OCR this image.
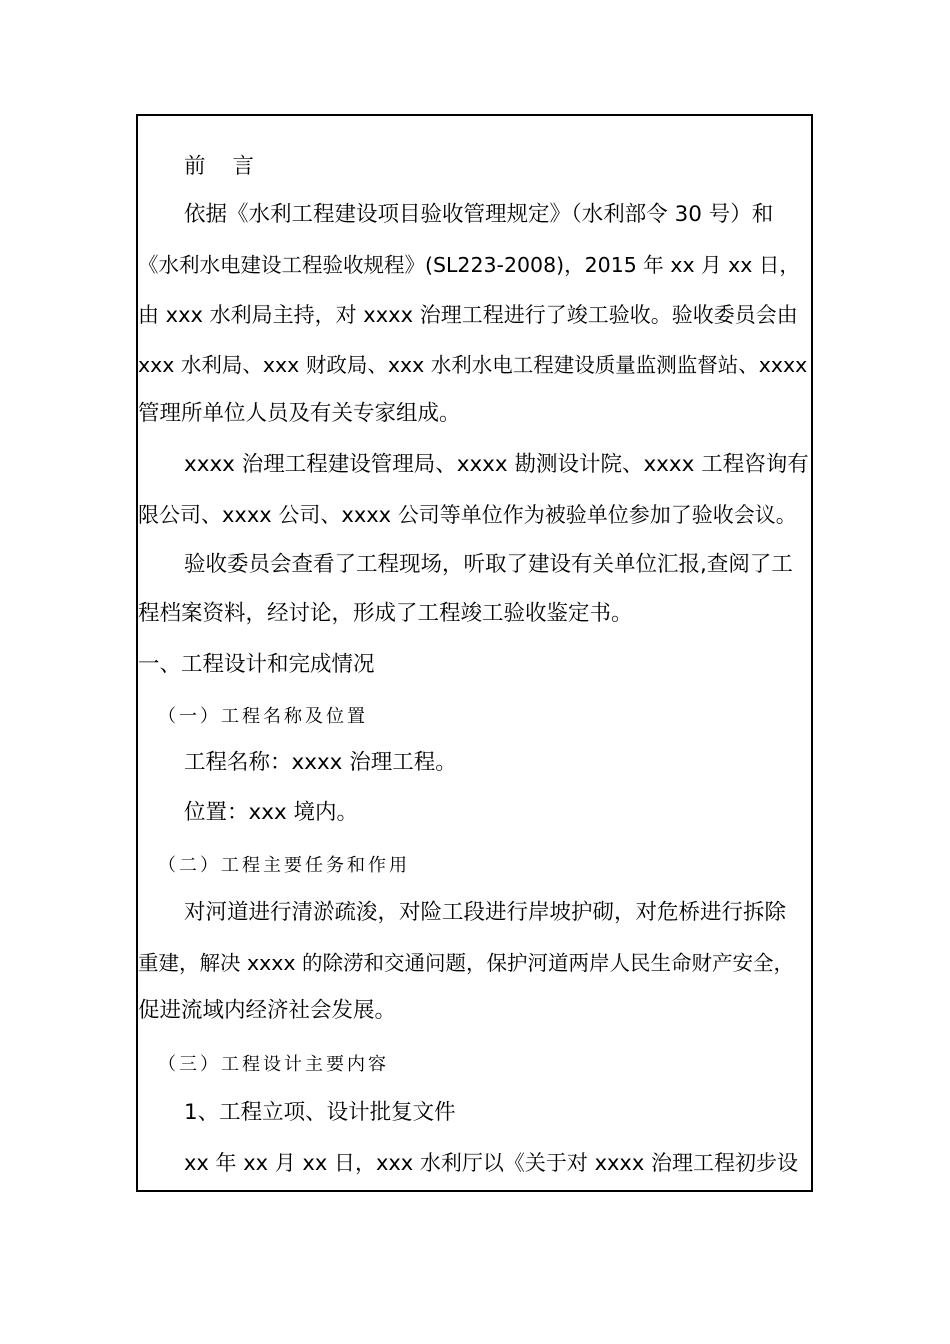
前 言
依据《水利工程建设项目验收管理规定》（水利部令 30 号）和
《水利水电建设工程验收规程》(SL223-2008)，2015 年 xx 月 xx 日，
由 xxx 水利局主持，对 xxxx 治理工程进行了竣工验收。验收委员会由
xxx 水利局、xxx 财政局、xxx 水利水电工程建设质量监测监督站、xxxx
管理所单位人员及有关专家组成。
xxxx 治理工程建设管理局、xxxx 勘测设计院、xxxx 工程咨询有
限公司、xxxx 公司、xxxx 公司等单位作为被验单位参加了验收会议。
验收委员会查看了工程现场，听取了建设有关单位汇报,查阅了工
程档案资料，经讨论，形成了工程竣工验收鉴定书。
一、工程设计和完成情况
（一）工程名称及位置
工程名称：xxxx 治理工程。
位置：xxx 境内。
（二）工程主要任务和作用
对河道进行清淤疏浚，对险工段进行岸坡护砌，对危桥进行拆除
重建，解决 xxxx 的除涝和交通问题，保护河道两岸人民生命财产安全，
促进流域内经济社会发展。
（三）工程设计主要内容
1、工程立项、设计批复文件
xx 年 xx 月 xx 日，xxx 水利厅以《关于对 xxxx 治理工程初步设
